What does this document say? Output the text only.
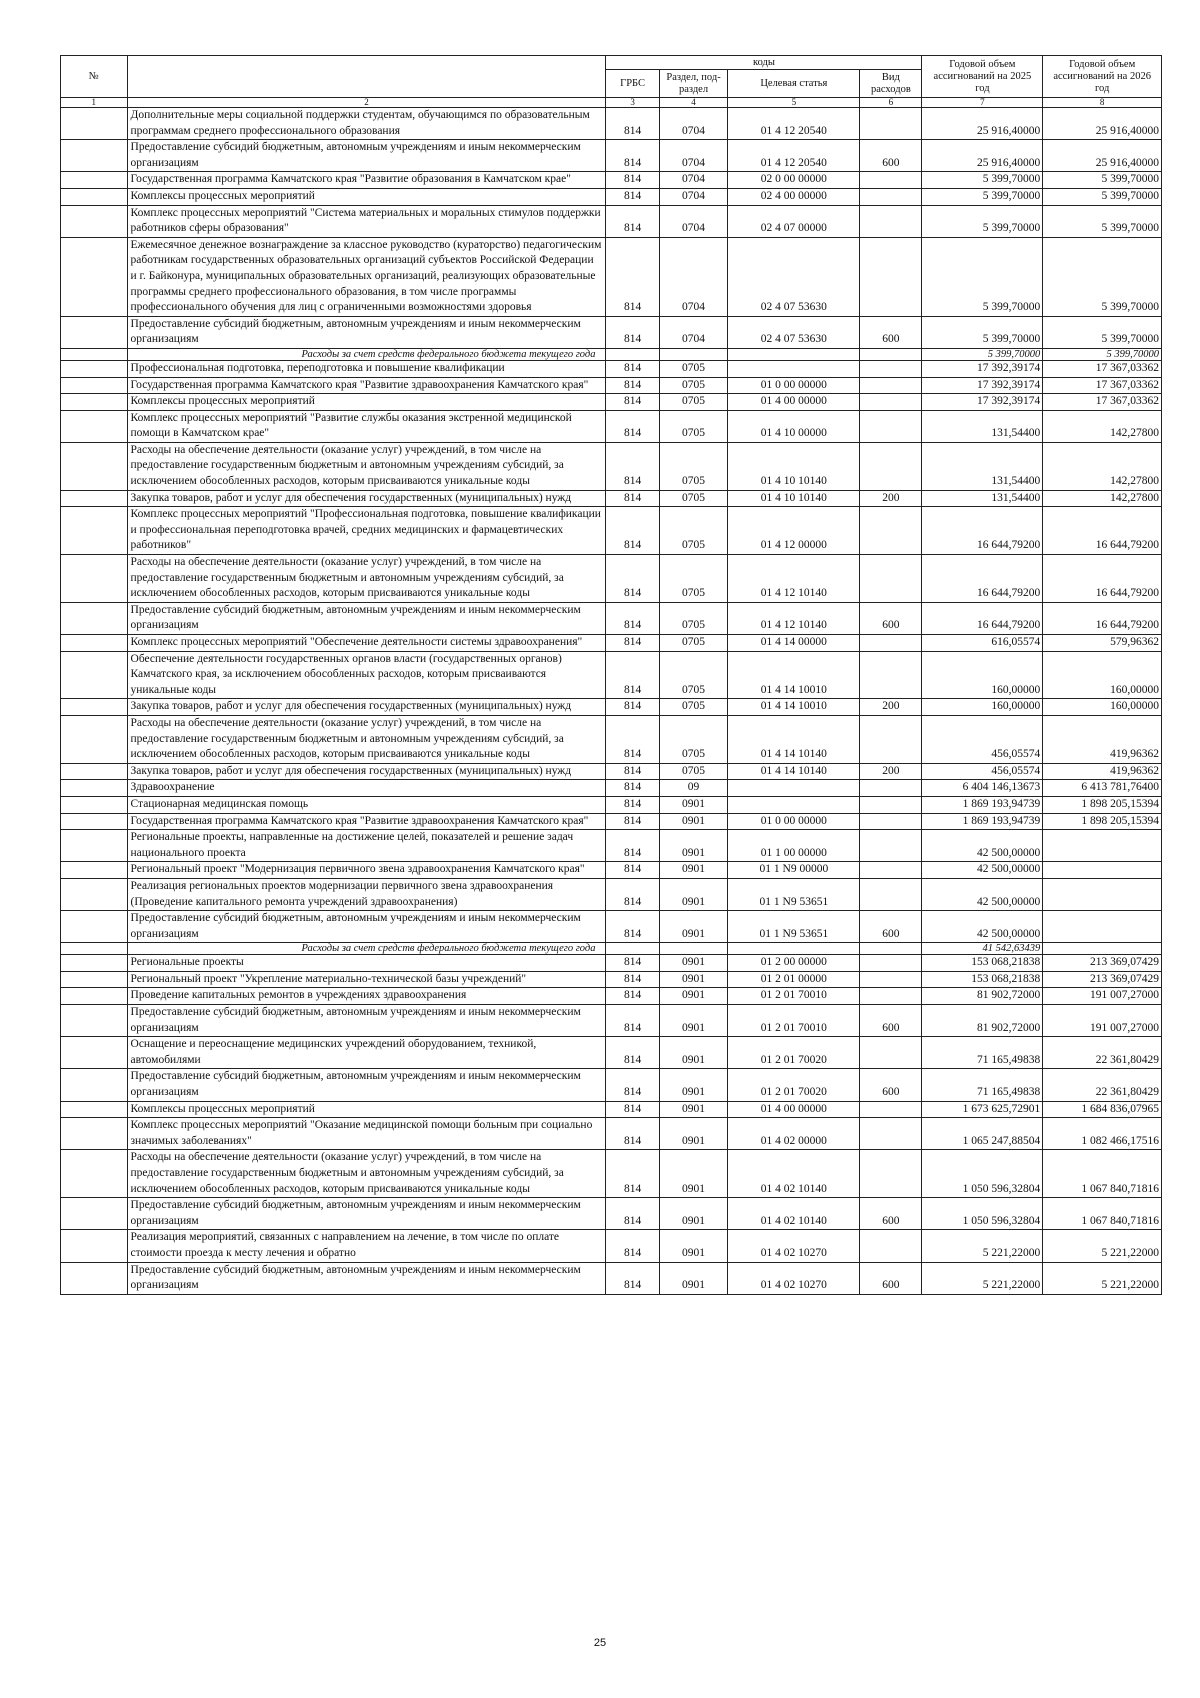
№		коды				Годовой объем ассигнований на 2025 год	Годовой объем ассигнований на 2026 год
		ГРБС	Раздел, под-раздел	Целевая статья	Вид расходов		
1	2	3	4	5	6	7	8
	Дополнительные меры социальной поддержки студентам, обучающимся по образовательным программам среднего профессионального образования	814	0704	01 4 12 20540		25 916,40000	25 916,40000
	Предоставление субсидий бюджетным, автономным учреждениям и иным некоммерческим организациям	814	0704	01 4 12 20540	600	25 916,40000	25 916,40000
	Государственная программа Камчатского края "Развитие образования в Камчатском крае"	814	0704	02 0 00 00000		5 399,70000	5 399,70000
	Комплексы процессных мероприятий	814	0704	02 4 00 00000		5 399,70000	5 399,70000
	Комплекс процессных мероприятий "Система материальных и моральных стимулов поддержки работников сферы образования"	814	0704	02 4 07 00000		5 399,70000	5 399,70000
	Ежемесячное денежное вознаграждение за классное руководство (кураторство) педагогическим работникам государственных образовательных организаций субъектов Российской Федерации и г. Байконура, муниципальных образовательных организаций, реализующих образовательные программы среднего профессионального образования, в том числе программы профессионального обучения для лиц с ограниченными возможностями здоровья	814	0704	02 4 07 53630		5 399,70000	5 399,70000
	Предоставление субсидий бюджетным, автономным учреждениям и иным некоммерческим организациям	814	0704	02 4 07 53630	600	5 399,70000	5 399,70000
	Расходы за счет средств федерального бюджета текущего года					5 399,70000	5 399,70000
	Профессиональная подготовка, переподготовка и повышение квалификации	814	0705			17 392,39174	17 367,03362
	Государственная программа Камчатского края "Развитие здравоохранения Камчатского края"	814	0705	01 0 00 00000		17 392,39174	17 367,03362
	Комплексы процессных мероприятий	814	0705	01 4 00 00000		17 392,39174	17 367,03362
	Комплекс процессных мероприятий "Развитие службы оказания экстренной медицинской помощи в Камчатском крае"	814	0705	01 4 10 00000		131,54400	142,27800
	Расходы на обеспечение деятельности (оказание услуг) учреждений, в том числе на предоставление государственным бюджетным и автономным учреждениям субсидий, за исключением обособленных расходов, которым присваиваются уникальные коды	814	0705	01 4 10 10140		131,54400	142,27800
	Закупка товаров, работ и услуг для обеспечения государственных (муниципальных) нужд	814	0705	01 4 10 10140	200	131,54400	142,27800
	Комплекс процессных мероприятий "Профессиональная подготовка, повышение квалификации и профессиональная переподготовка врачей, средних медицинских и фармацевтических работников"	814	0705	01 4 12 00000		16 644,79200	16 644,79200
	Расходы на обеспечение деятельности (оказание услуг) учреждений, в том числе на предоставление государственным бюджетным и автономным учреждениям субсидий, за исключением обособленных расходов, которым присваиваются уникальные коды	814	0705	01 4 12 10140		16 644,79200	16 644,79200
	Предоставление субсидий бюджетным, автономным учреждениям и иным некоммерческим организациям	814	0705	01 4 12 10140	600	16 644,79200	16 644,79200
	Комплекс процессных мероприятий "Обеспечение деятельности системы здравоохранения"	814	0705	01 4 14 00000		616,05574	579,96362
	Обеспечение деятельности государственных органов власти (государственных органов) Камчатского края, за исключением обособленных расходов, которым присваиваются уникальные коды	814	0705	01 4 14 10010		160,00000	160,00000
	Закупка товаров, работ и услуг для обеспечения государственных (муниципальных) нужд	814	0705	01 4 14 10010	200	160,00000	160,00000
	Расходы на обеспечение деятельности (оказание услуг) учреждений, в том числе на предоставление государственным бюджетным и автономным учреждениям субсидий, за исключением обособленных расходов, которым присваиваются уникальные коды	814	0705	01 4 14 10140		456,05574	419,96362
	Закупка товаров, работ и услуг для обеспечения государственных (муниципальных) нужд	814	0705	01 4 14 10140	200	456,05574	419,96362
	Здравоохранение	814	09			6 404 146,13673	6 413 781,76400
	Стационарная медицинская помощь	814	0901			1 869 193,94739	1 898 205,15394
	Государственная программа Камчатского края "Развитие здравоохранения Камчатского края"	814	0901	01 0 00 00000		1 869 193,94739	1 898 205,15394
	Региональные проекты, направленные на достижение целей, показателей и решение задач национального проекта	814	0901	01 1 00 00000		42 500,00000	
	Региональный проект "Модернизация первичного звена здравоохранения Камчатского края"	814	0901	01 1 N9 00000		42 500,00000	
	Реализация региональных проектов модернизации первичного звена здравоохранения (Проведение капитального ремонта учреждений здравоохранения)	814	0901	01 1 N9 53651		42 500,00000	
	Предоставление субсидий бюджетным, автономным учреждениям и иным некоммерческим организациям	814	0901	01 1 N9 53651	600	42 500,00000	
	Расходы за счет средств федерального бюджета текущего года					41 542,63439	
	Региональные проекты	814	0901	01 2 00 00000		153 068,21838	213 369,07429
	Региональный проект "Укрепление материально-технической базы учреждений"	814	0901	01 2 01 00000		153 068,21838	213 369,07429
	Проведение капитальных ремонтов в учреждениях здравоохранения	814	0901	01 2 01 70010		81 902,72000	191 007,27000
	Предоставление субсидий бюджетным, автономным учреждениям и иным некоммерческим организациям	814	0901	01 2 01 70010	600	81 902,72000	191 007,27000
	Оснащение и переоснащение медицинских учреждений оборудованием, техникой, автомобилями	814	0901	01 2 01 70020		71 165,49838	22 361,80429
	Предоставление субсидий бюджетным, автономным учреждениям и иным некоммерческим организациям	814	0901	01 2 01 70020	600	71 165,49838	22 361,80429
	Комплексы процессных мероприятий	814	0901	01 4 00 00000		1 673 625,72901	1 684 836,07965
	Комплекс процессных мероприятий "Оказание медицинской помощи больным при социально значимых заболеваниях"	814	0901	01 4 02 00000		1 065 247,88504	1 082 466,17516
	Расходы на обеспечение деятельности (оказание услуг) учреждений, в том числе на предоставление государственным бюджетным и автономным учреждениям субсидий, за исключением обособленных расходов, которым присваиваются уникальные коды	814	0901	01 4 02 10140		1 050 596,32804	1 067 840,71816
	Предоставление субсидий бюджетным, автономным учреждениям и иным некоммерческим организациям	814	0901	01 4 02 10140	600	1 050 596,32804	1 067 840,71816
	Реализация мероприятий, связанных с направлением на лечение, в том числе по оплате стоимости проезда к месту лечения и обратно	814	0901	01 4 02 10270		5 221,22000	5 221,22000
	Предоставление субсидий бюджетным, автономным учреждениям и иным некоммерческим организациям	814	0901	01 4 02 10270	600	5 221,22000	5 221,22000
25
